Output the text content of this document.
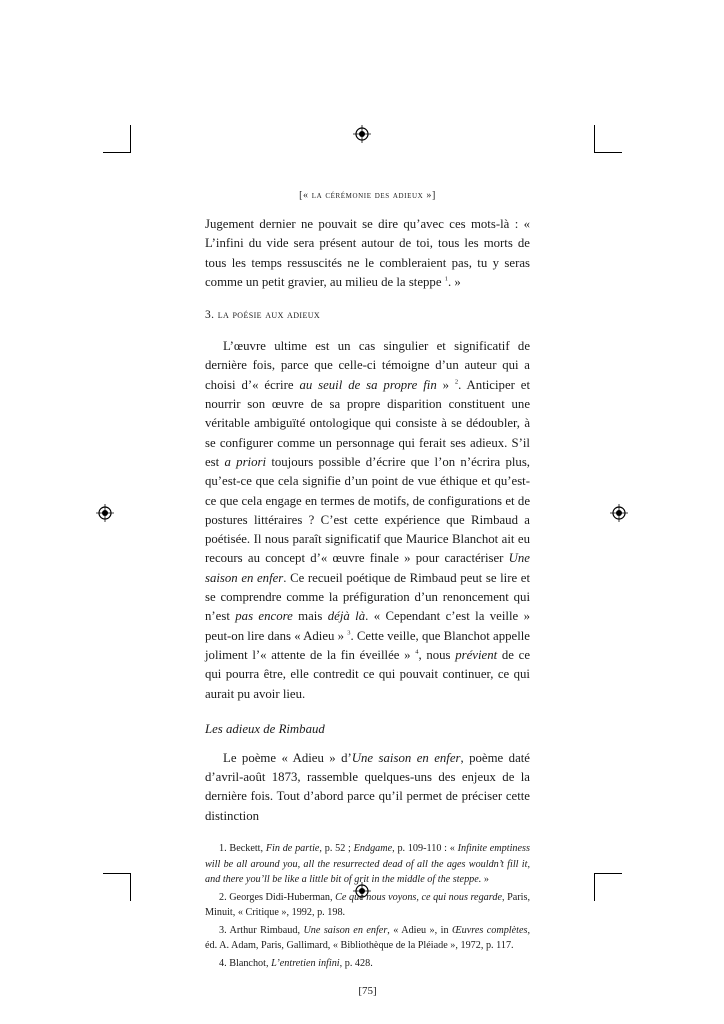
[« la cérémonie des adieux »]

Jugement dernier ne pouvait se dire qu’avec ces mots-là : « L’infini du vide sera présent autour de toi, tous les morts de tous les temps ressuscités ne le combleraient pas, tu y seras comme un petit gravier, au milieu de la steppe $^1$. »

3. la poésie aux adieux

L’œuvre ultime est un cas singulier et significatif de dernière fois, parce que celle-ci témoigne d’un auteur qui a choisi d’« écrire au seuil de sa propre fin » $^2$. Anticiper et nourrir son œuvre de sa propre disparition constituent une véritable ambiguïté ontologique qui consiste à se dédoubler, à se configurer comme un personnage qui ferait ses adieux. S’il est a priori toujours possible d’écrire que l’on n’écrira plus, qu’est-ce que cela signifie d’un point de vue éthique et qu’est-ce que cela engage en termes de motifs, de configurations et de postures littéraires ? C’est cette expérience que Rimbaud a poétisée. Il nous paraît significatif que Maurice Blanchot ait eu recours au concept d’« œuvre finale » pour caractériser Une saison en enfer. Ce recueil poétique de Rimbaud peut se lire et se comprendre comme la préfiguration d’un renoncement qui n’est pas encore mais déjà là. « Cependant c’est la veille » peut-on lire dans « Adieu » $^3$. Cette veille, que Blanchot appelle joliment l’« attente de la fin éveillée » $^4$, nous prévient de ce qui pourra être, elle contredit ce qui pouvait continuer, ce qui aurait pu avoir lieu.

Les adieux de Rimbaud

Le poème « Adieu » d’Une saison en enfer, poème daté d’avril-août 1873, rassemble quelques-uns des enjeux de la dernière fois. Tout d’abord parce qu’il permet de préciser cette distinction

1. Beckett, Fin de partie, p. 52 ; Endgame, p. 109-110 : « Infinite emptiness will be all around you, all the resurrected dead of all the ages wouldn’t fill it, and there you’ll be like a little bit of grit in the middle of the steppe. »

2. Georges Didi-Huberman, Ce que nous voyons, ce qui nous regarde, Paris, Minuit, « Critique », 1992, p. 198.

3. Arthur Rimbaud, Une saison en enfer, « Adieu », in Œuvres complètes, éd. A. Adam, Paris, Gallimard, « Bibliothèque de la Pléiade », 1972, p. 117.

4. Blanchot, L’entretien infini, p. 428.

[75]
